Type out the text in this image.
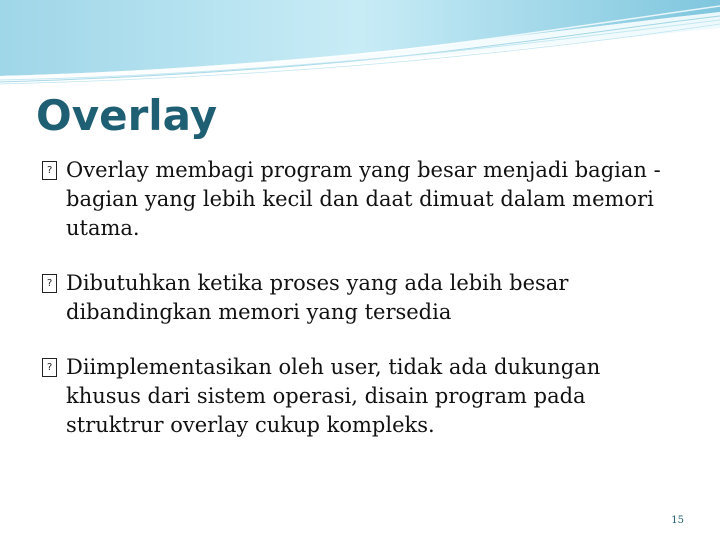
Overlay
? Overlay membagi program yang besar menjadi bagian -bagian yang lebih kecil dan daat dimuat dalam memori utama.
? Dibutuhkan ketika proses yang ada lebih besar dibandingkan memori yang tersedia
? Diimplementasikan oleh user, tidak ada dukungan khusus dari sistem operasi, disain program pada struktrur overlay cukup kompleks.
15
